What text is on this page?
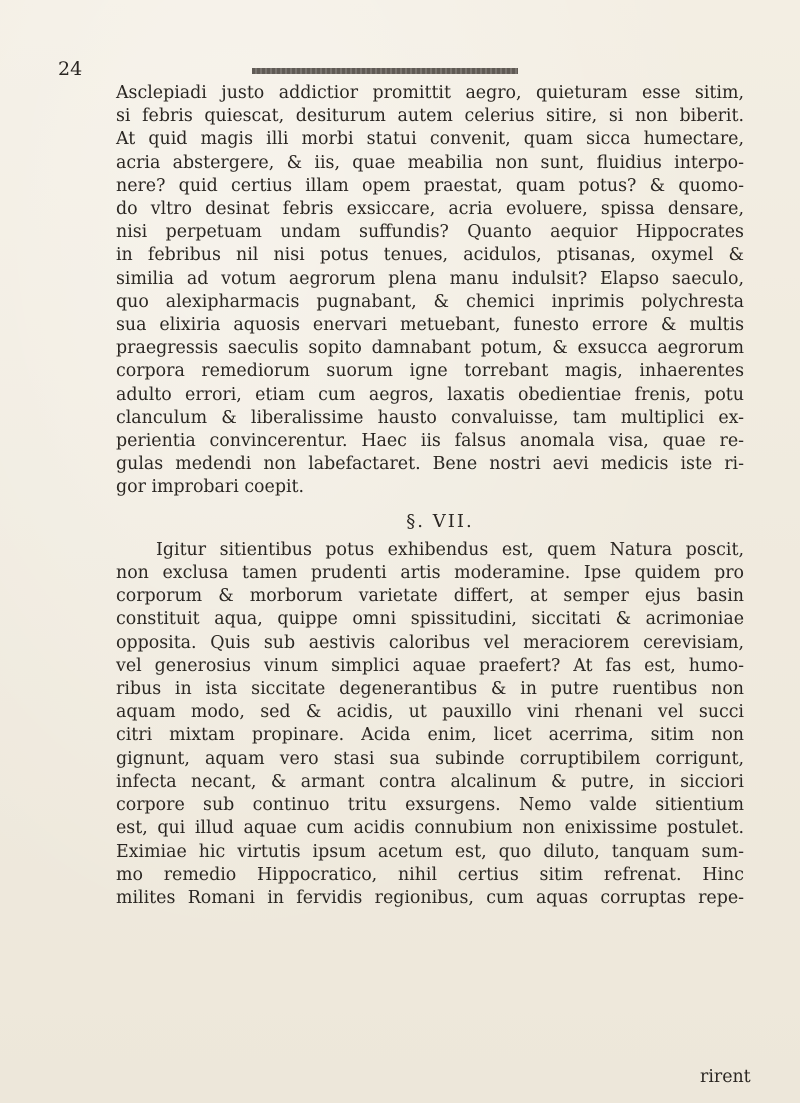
24
Asclepiadi justo addictior promittit aegro, quieturam esse sitim,
si febris quiescat, desiturum autem celerius sitire, si non biberit.
At quid magis illi morbi statui convenit, quam sicca humectare,
acria abstergere, & iis, quae meabilia non sunt, fluidius interpo-
nere? quid certius illam opem praestat, quam potus? & quomo-
do vltro desinat febris exsiccare, acria evoluere, spissa densare,
nisi perpetuam undam suffundis? Quanto aequior Hippocrates
in febribus nil nisi potus tenues, acidulos, ptisanas, oxymel &
similia ad votum aegrorum plena manu indulsit? Elapso saeculo,
quo alexipharmacis pugnabant, & chemici inprimis polychresta
sua elixiria aquosis enervari metuebant, funesto errore & multis
praegressis saeculis sopito damnabant potum, & exsucca aegrorum
corpora remediorum suorum igne torrebant magis, inhaerentes
adulto errori, etiam cum aegros, laxatis obedientiae frenis, potu
clanculum & liberalissime hausto convaluisse, tam multiplici ex-
perientia convincerentur. Haec iis falsus anomala visa, quae re-
gulas medendi non labefactaret. Bene nostri aevi medicis iste ri-
gor improbari coepit.
§. VII.
Igitur sitientibus potus exhibendus est, quem Natura poscit,
non exclusa tamen prudenti artis moderamine. Ipse quidem pro
corporum & morborum varietate differt, at semper ejus basin
constituit aqua, quippe omni spissitudini, siccitati & acrimoniae
opposita. Quis sub aestivis caloribus vel meraciorem cerevisiam,
vel generosius vinum simplici aquae praefert? At fas est, humo-
ribus in ista siccitate degenerantibus & in putre ruentibus non
aquam modo, sed & acidis, ut pauxillo vini rhenani vel succi
citri mixtam propinare. Acida enim, licet acerrima, sitim non
gignunt, aquam vero stasi sua subinde corruptibilem corrigunt,
infecta necant, & armant contra alcalinum & putre, in sicciori
corpore sub continuo tritu exsurgens. Nemo valde sitientium
est, qui illud aquae cum acidis connubium non enixissime postulet.
Eximiae hic virtutis ipsum acetum est, quo diluto, tanquam sum-
mo remedio Hippocratico, nihil certius sitim refrenat. Hinc
milites Romani in fervidis regionibus, cum aquas corruptas repe-
rirent
